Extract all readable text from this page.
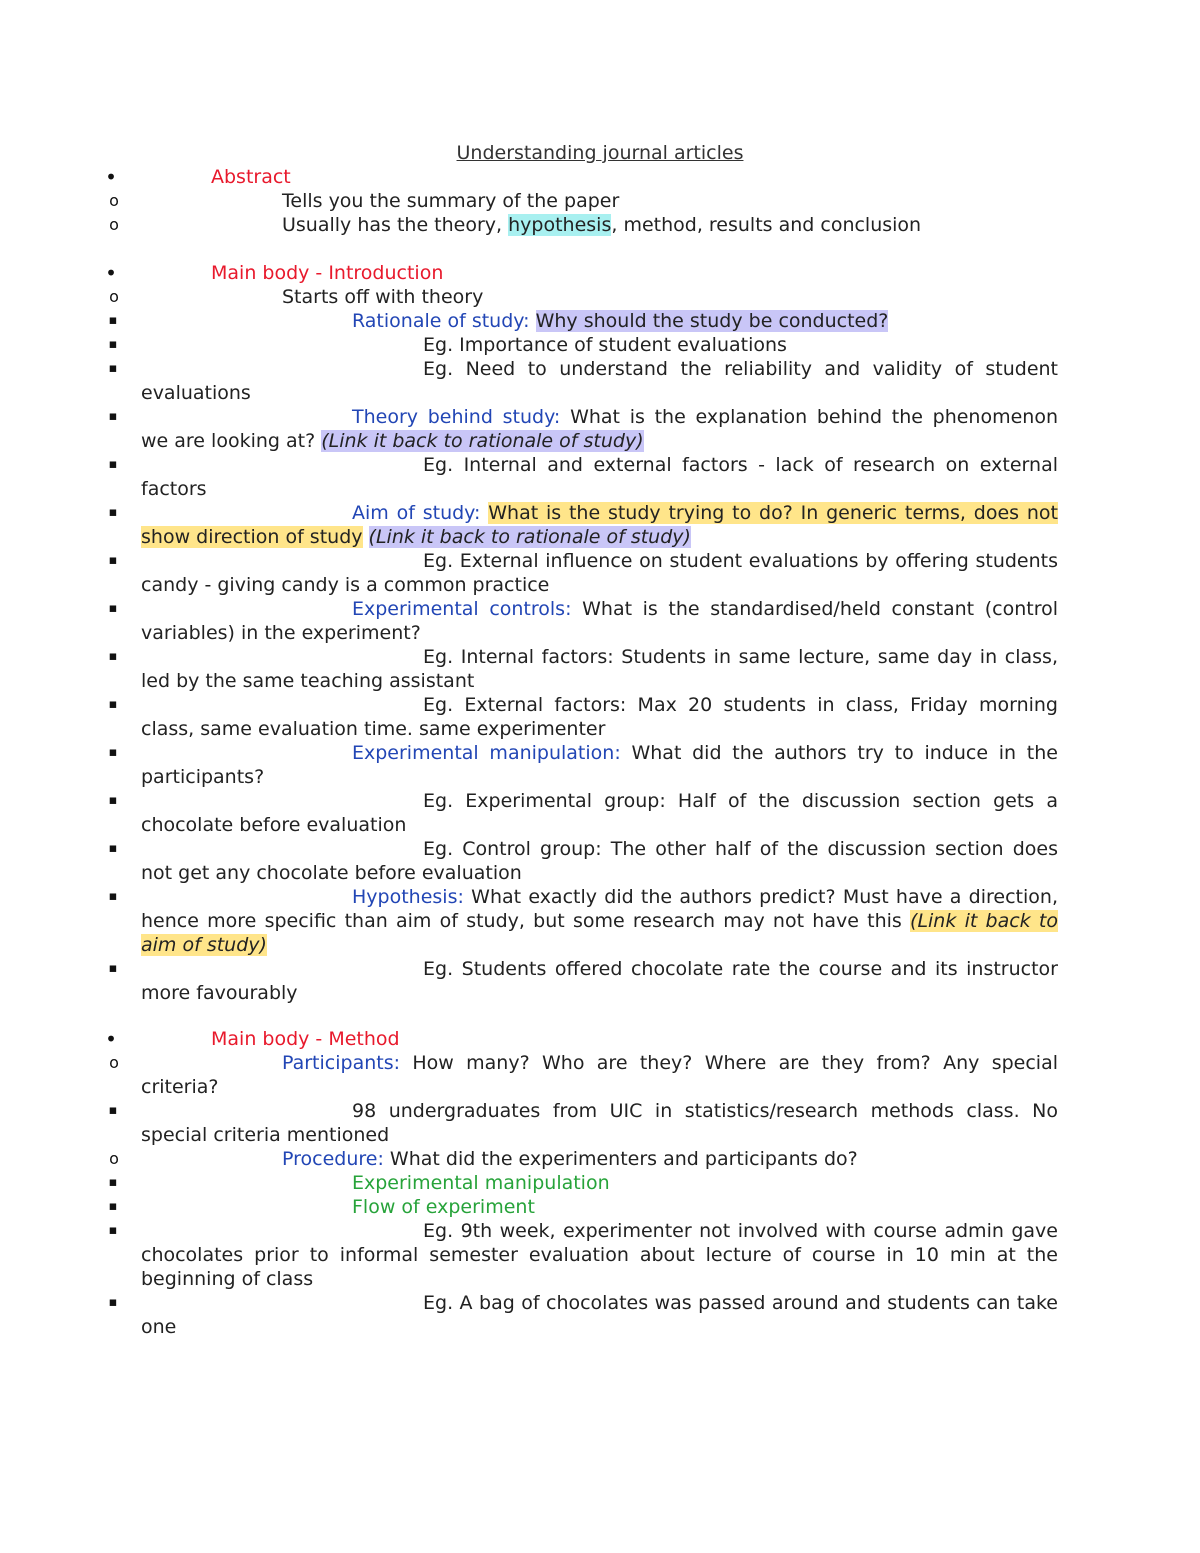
Understanding journal articles
•	Abstract
o	Tells you the summary of the paper
o	Usually has the theory, hypothesis, method, results and conclusion
•	Main body - Introduction
o	Starts off with theory
▪	Rationale of study: Why should the study be conducted?
▪	Eg. Importance of student evaluations
▪	Eg. Need to understand the reliability and validity of student evaluations
▪	Theory behind study: What is the explanation behind the phenomenon we are looking at? (Link it back to rationale of study)
▪	Eg. Internal and external factors - lack of research on external factors
▪	Aim of study: What is the study trying to do? In generic terms, does not show direction of study (Link it back to rationale of study)
▪	Eg. External influence on student evaluations by offering students candy - giving candy is a common practice
▪	Experimental controls: What is the standardised/held constant (control variables) in the experiment?
▪	Eg. Internal factors: Students in same lecture, same day in class, led by the same teaching assistant
▪	Eg. External factors: Max 20 students in class, Friday morning class, same evaluation time. same experimenter
▪	Experimental manipulation: What did the authors try to induce in the participants?
▪	Eg. Experimental group: Half of the discussion section gets a chocolate before evaluation
▪	Eg. Control group: The other half of the discussion section does not get any chocolate before evaluation
▪	Hypothesis: What exactly did the authors predict? Must have a direction, hence more specific than aim of study, but some research may not have this (Link it back to aim of study)
▪	Eg. Students offered chocolate rate the course and its instructor more favourably
•	Main body - Method
o	Participants: How many? Who are they? Where are they from? Any special criteria?
▪	98 undergraduates from UIC in statistics/research methods class. No special criteria mentioned
o	Procedure: What did the experimenters and participants do?
▪	Experimental manipulation
▪	Flow of experiment
▪	Eg. 9th week, experimenter not involved with course admin gave chocolates prior to informal semester evaluation about lecture of course in 10 min at the beginning of class
▪	Eg. A bag of chocolates was passed around and students can take one
